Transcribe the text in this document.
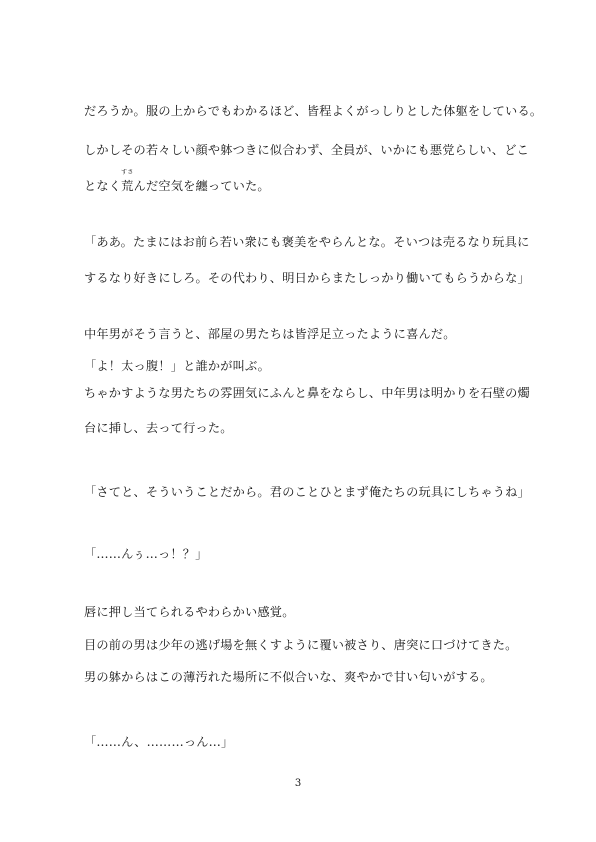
だろうか。服の上からでもわかるほど、皆程よくがっしりとした体躯をしている。
しかしその若々しい顔や躰つきに似合わず、全員が、いかにも悪党らしい、どこ
となく
すさ
荒んだ空気を纏っていた。
「ああ。たまにはお前ら若い衆にも褒美をやらんとな。そいつは売るなり玩具に
するなり好きにしろ。その代わり、明日からまたしっかり働いてもらうからな」
中年男がそう言うと、部屋の男たちは皆浮足立ったように喜んだ。
「よ！太っ腹！」と誰かが叫ぶ。
ちゃかすような男たちの雰囲気にふんと鼻をならし、中年男は明かりを石壁の燭
台に挿し、去って行った。
「さてと、そういうことだから。君のことひとまず俺たちの玩具にしちゃうね」
「……んぅ…っ！？」
唇に押し当てられるやわらかい感覚。
目の前の男は少年の逃げ場を無くすように覆い被さり、唐突に口づけてきた。
男の躰からはこの薄汚れた場所に不似合いな、爽やかで甘い匂いがする。
「……ん、………っん…」
3
